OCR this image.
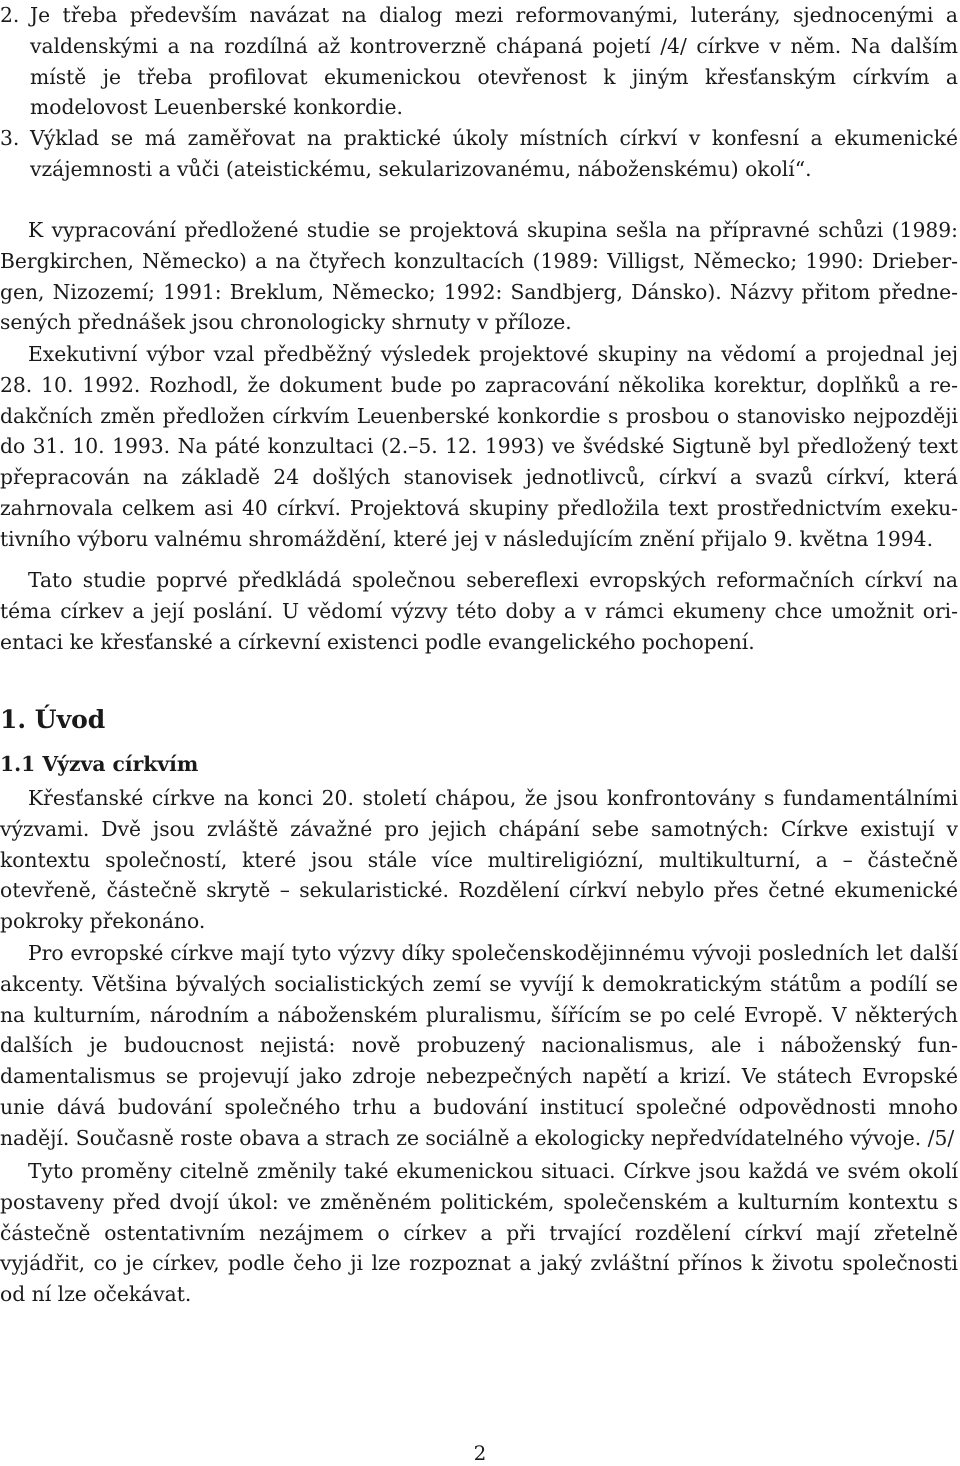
2. Je třeba především navázat na dialog mezi reformovanými, luterány, sjednocenými a valdenskými a na rozdílná až kontroverzně chápaná pojetí /4/ církve v něm. Na dalším místě je třeba profilovat ekumenickou otevřenost k jiným křesťanským církvím a modelovost Leuenberské konkordie.
3. Výklad se má zaměřovat na praktické úkoly místních církví v konfesní a ekumenické vzájemnosti a vůči (ateistickému, sekularizovanému, náboženskému) okolí“.

K vypracování předložené studie se projektová skupina sešla na přípravné schůzi (1989: Bergkirchen, Německo) a na čtyřech konzultacích (1989: Villigst, Německo; 1990: Driebergen, Nizozemí; 1991: Breklum, Německo; 1992: Sandbjerg, Dánsko). Názvy přitom přednesených přednášek jsou chronologicky shrnuty v příloze.

Exekutivní výbor vzal předběžný výsledek projektové skupiny na vědomí a projednal jej 28. 10. 1992. Rozhodl, že dokument bude po zapracování několika korektur, doplňků a redakčních změn předložen církvím Leuenberské konkordie s prosbou o stanovisko nejpozději do 31. 10. 1993. Na páté konzultaci (2.–5. 12. 1993) ve švédské Sigtuně byl předložený text přepracován na základě 24 došlých stanovisek jednotlivců, církví a svazů církví, která zahrnovala celkem asi 40 církví. Projektová skupiny předložila text prostřednictvím exekutivního výboru valnému shromáždění, které jej v následujícím znění přijalo 9. května 1994.

Tato studie poprvé předkládá společnou sebereflexi evropských reformačních církví na téma církev a její poslání. U vědomí výzvy této doby a v rámci ekumeny chce umožnit orientaci ke křesťanské a církevní existenci podle evangelického pochopení.

1. Úvod
1.1 Výzva církvím

Křesťanské církve na konci 20. století chápou, že jsou konfrontovány s fundamentálními výzvami. Dvě jsou zvláště závažné pro jejich chápání sebe samotných: Církve existují v kontextu společností, které jsou stále více multireligiózní, multikulturní, a – částečně otevřeně, částečně skrytě – sekularistické. Rozdělení církví nebylo přes četné ekumenické pokroky překonáno.

Pro evropské církve mají tyto výzvy díky společenskodějinnému vývoji posledních let další akcenty. Většina bývalých socialistických zemí se vyvíjí k demokratickým státům a podílí se na kulturním, národním a náboženském pluralismu, šířícím se po celé Evropě. V některých dalších je budoucnost nejistá: nově probuzený nacionalismus, ale i náboženský fundamentalismus se projevují jako zdroje nebezpečných napětí a krizí. Ve státech Evropské unie dává budování společného trhu a budování institucí společné odpovědnosti mnoho nadějí. Současně roste obava a strach ze sociálně a ekologicky nepředvídatelného vývoje. /5/

Tyto proměny citelně změnily také ekumenickou situaci. Církve jsou každá ve svém okolí postaveny před dvojí úkol: ve změněném politickém, společenském a kulturním kontextu s částečně ostentativním nezájmem o církev a při trvající rozdělení církví mají zřetelně vyjádřit, co je církev, podle čeho ji lze rozpoznat a jaký zvláštní přínos k životu společnosti od ní lze očekávat.

2
